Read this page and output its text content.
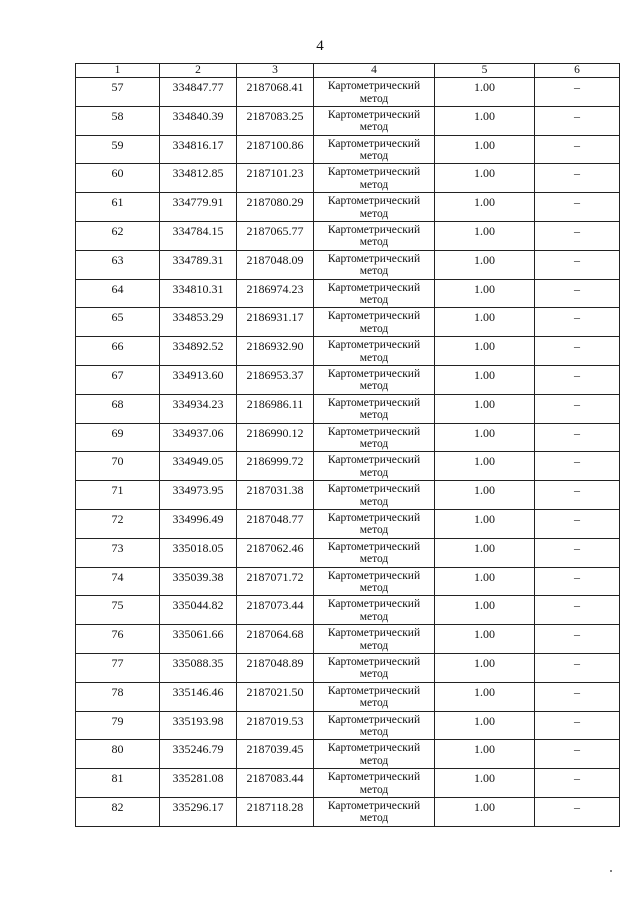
4
1	2	3	4	5	6
57	334847.77	2187068.41	Картометрический метод	1.00	–
58	334840.39	2187083.25	Картометрический метод	1.00	–
59	334816.17	2187100.86	Картометрический метод	1.00	–
60	334812.85	2187101.23	Картометрический метод	1.00	–
61	334779.91	2187080.29	Картометрический метод	1.00	–
62	334784.15	2187065.77	Картометрический метод	1.00	–
63	334789.31	2187048.09	Картометрический метод	1.00	–
64	334810.31	2186974.23	Картометрический метод	1.00	–
65	334853.29	2186931.17	Картометрический метод	1.00	–
66	334892.52	2186932.90	Картометрический метод	1.00	–
67	334913.60	2186953.37	Картометрический метод	1.00	–
68	334934.23	2186986.11	Картометрический метод	1.00	–
69	334937.06	2186990.12	Картометрический метод	1.00	–
70	334949.05	2186999.72	Картометрический метод	1.00	–
71	334973.95	2187031.38	Картометрический метод	1.00	–
72	334996.49	2187048.77	Картометрический метод	1.00	–
73	335018.05	2187062.46	Картометрический метод	1.00	–
74	335039.38	2187071.72	Картометрический метод	1.00	–
75	335044.82	2187073.44	Картометрический метод	1.00	–
76	335061.66	2187064.68	Картометрический метод	1.00	–
77	335088.35	2187048.89	Картометрический метод	1.00	–
78	335146.46	2187021.50	Картометрический метод	1.00	–
79	335193.98	2187019.53	Картометрический метод	1.00	–
80	335246.79	2187039.45	Картометрический метод	1.00	–
81	335281.08	2187083.44	Картометрический метод	1.00	–
82	335296.17	2187118.28	Картометрический метод	1.00	–
